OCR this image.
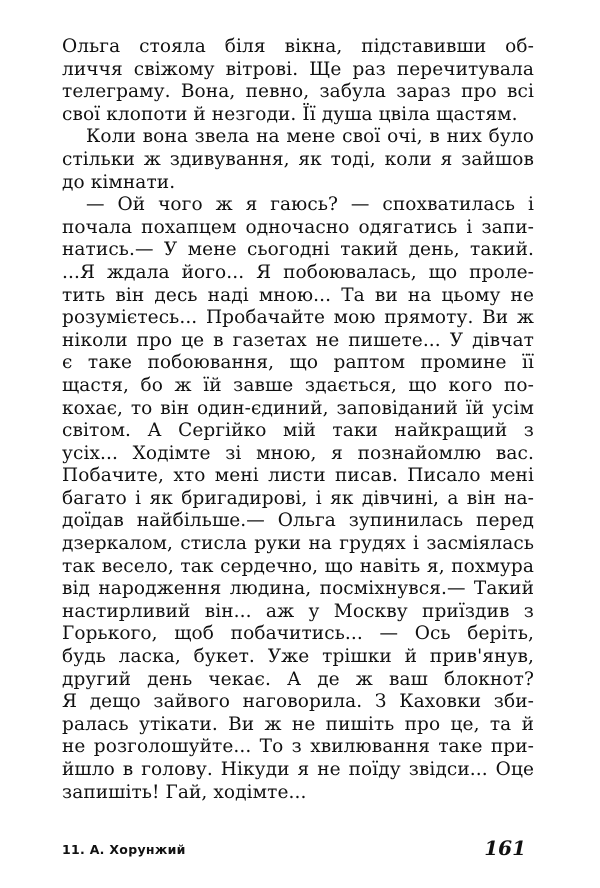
Ольга стояла біля вікна, підставивши об-
личчя свіжому вітрові. Ще раз перечитувала
телеграму. Вона, певно, забула зараз про всі
свої клопоти й незгоди. Її душа цвіла щастям.
Коли вона звела на мене свої очі, в них було
стільки ж здивування, як тоді, коли я зайшов
до кімнати.
— Ой чого ж я гаюсь? — спохватилась і
почала похапцем одночасно одягатись і запи-
натись.— У мене сьогодні такий день, такий.
...Я ждала його... Я побоювалась, що проле-
тить він десь наді мною... Та ви на цьому не
розумієтесь... Пробачайте мою прямоту. Ви ж
ніколи про це в газетах не пишете... У дівчат
є таке побоювання, що раптом промине її
щастя, бо ж їй завше здається, що кого по-
кохає, то він один-єдиний, заповіданий їй усім
світом. А Сергійко мій таки найкращий з
усіх... Ходімте зі мною, я познайомлю вас.
Побачите, хто мені листи писав. Писало мені
багато і як бригадирові, і як дівчині, а він на-
доїдав найбільше.— Ольга зупинилась перед
дзеркалом, стисла руки на грудях і засміялась
так весело, так сердечно, що навіть я, похмура
від народження людина, посміхнувся.— Такий
настирливий він... аж у Москву приїздив з
Горького, щоб побачитись... — Ось беріть,
будь ласка, букет. Уже трішки й прив'янув,
другий день чекає. А де ж ваш блокнот?
Я дещо зайвого наговорила. З Каховки зби-
ралась утікати. Ви ж не пишіть про це, та й
не розголошуйте... То з хвилювання таке при-
йшло в голову. Нікуди я не поїду звідси... Оце
запишіть! Гай, ходімте...
11. А. Хорунжий	161
